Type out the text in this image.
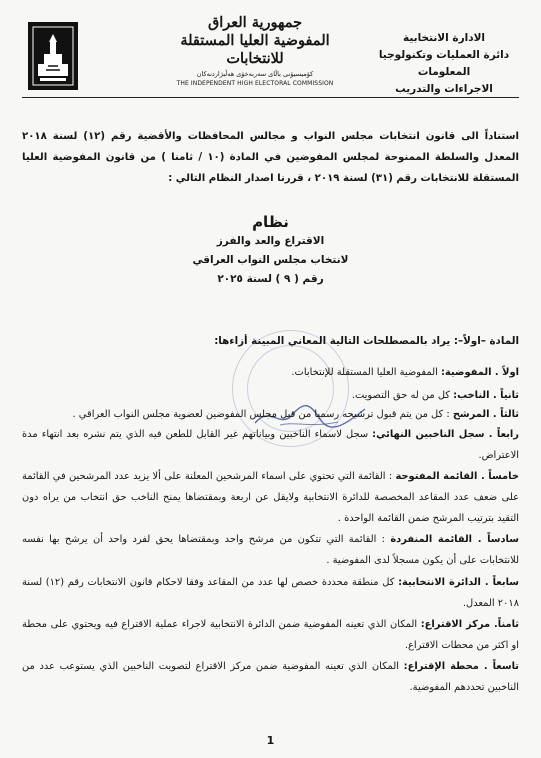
الادارة الانتخابية
دائرة العمليات وتكنولوجيا المعلومات
الاجراءات والتدريب
جمهورية العراق
المفوضية العليا المستقلة للانتخابات
كۆمیسیۆنی باڵای سەربەخۆی هەڵبژاردنەکان
THE INDEPENDENT HIGH ELECTORAL COMMISSION
استناداً الى قانون انتخابات مجلس النواب و مجالس المحافظات والأقضية رقم (١٢) لسنة ٢٠١٨ المعدل والسلطة الممنوحة لمجلس المفوضين في المادة (١٠ / ثامنا ) من قانون المفوضية العليا المستقلة للانتخابات رقم (٣١) لسنة ٢٠١٩ ، قررنا اصدار النظام التالي :
نظام
الاقتراع والعد والفرز
لانتخاب مجلس النواب العراقي
رقم ( ٩ ) لسنة ٢٠٢٥
المادة –اولاً–: يراد بالمصطلحات التالية المعاني المبينة أزاءها:
اولاً . المفوضية: المفوضية العليا المستقلة للإنتخابات.
ثانياً . الناخب: كل من له حق التصويت.
ثالثاً . المرشح : كل من يتم قبول ترشيحه رسميا من قبل مجلس المفوضين لعضوية مجلس النواب العراقي .
رابعاً . سجل الناخبين النهائي: سجل لاسماء الناخبين وبياناتهم غير القابل للطعن فيه الذي يتم نشره بعد انتهاء مدة الاعتراض.
خامساً . القائمة المفتوحة : القائمة التي تحتوي على اسماء المرشحين المعلنة على ألا يزيد عدد المرشحين في القائمة على ضعف عدد المقاعد المخصصة للدائرة الانتخابية ولايقل عن اربعة وبمقتضاها يمنح الناخب حق انتخاب من يراه دون التقيد بترتيب المرشح ضمن القائمة الواحدة .
سادساً . القائمة المنفردة : القائمة التي تتكون من مرشح واحد وبمقتضاها يحق لفرد واحد أن يرشح بها نفسه للانتخابات على أن يكون مسجلاً لدى المفوضية .
سابعاً . الدائرة الانتخابية: كل منطقة محددة خصص لها عدد من المقاعد وفقا لاحكام قانون الانتخابات رقم (١٢) لسنة ٢٠١٨ المعدل.
ثامناً. مركز الاقتراع: المكان الذي تعينه المفوضية ضمن الدائرة الانتخابية لاجراء عملية الاقتراع فيه ويحتوي على محطة او اكثر من محطات الاقتراع.
تاسعاً . محطة الإقتراع: المكان الذي تعينه المفوضية ضمن مركز الاقتراع لتصويت الناخبين الذي يستوعب عدد من الناخبين تحددهم المفوضية.
1
